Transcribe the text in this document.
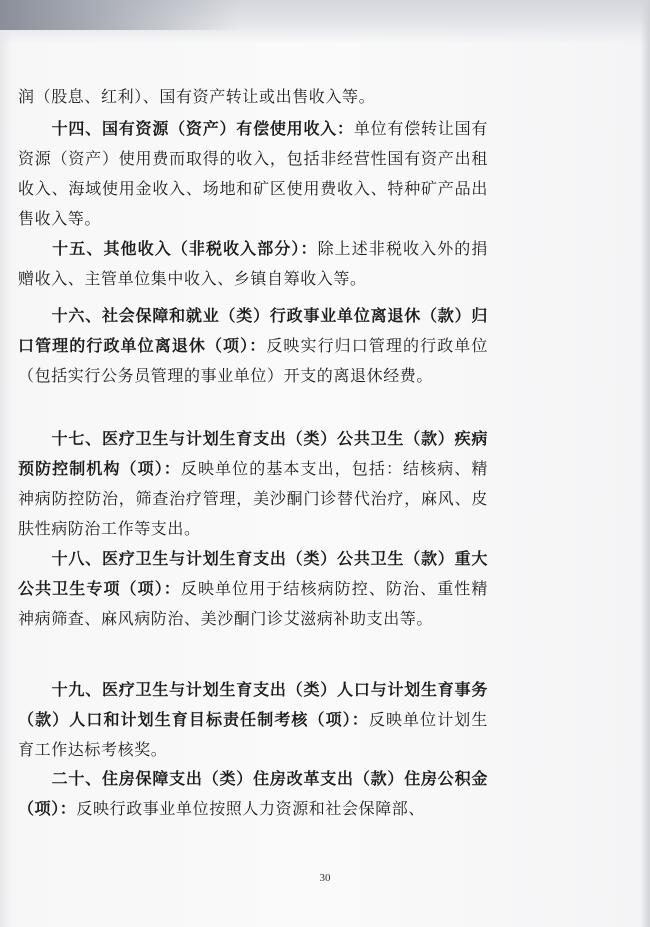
润（股息、红利）、国有资产转让或出售收入等。

　　十四、国有资源（资产）有偿使用收入：单位有偿转让国有资源（资产）使用费而取得的收入，包括非经营性国有资产出租收入、海域使用金收入、场地和矿区使用费收入、特种矿产品出售收入等。

　　十五、其他收入（非税收入部分）：除上述非税收入外的捐赠收入、主管单位集中收入、乡镇自筹收入等。

　　十六、社会保障和就业（类）行政事业单位离退休（款）归口管理的行政单位离退休（项）：反映实行归口管理的行政单位（包括实行公务员管理的事业单位）开支的离退休经费。

　　十七、医疗卫生与计划生育支出（类）公共卫生（款）疾病预防控制机构（项）：反映单位的基本支出，包括：结核病、精神病防控防治，筛查治疗管理，美沙酮门诊替代治疗，麻风、皮肤性病防治工作等支出。

　　十八、医疗卫生与计划生育支出（类）公共卫生（款）重大公共卫生专项（项）：反映单位用于结核病防控、防治、重性精神病筛查、麻风病防治、美沙酮门诊艾滋病补助支出等。

　　十九、医疗卫生与计划生育支出（类）人口与计划生育事务（款）人口和计划生育目标责任制考核（项）：反映单位计划生育工作达标考核奖。

　　二十、住房保障支出（类）住房改革支出（款）住房公积金（项）：反映行政事业单位按照人力资源和社会保障部、

30
